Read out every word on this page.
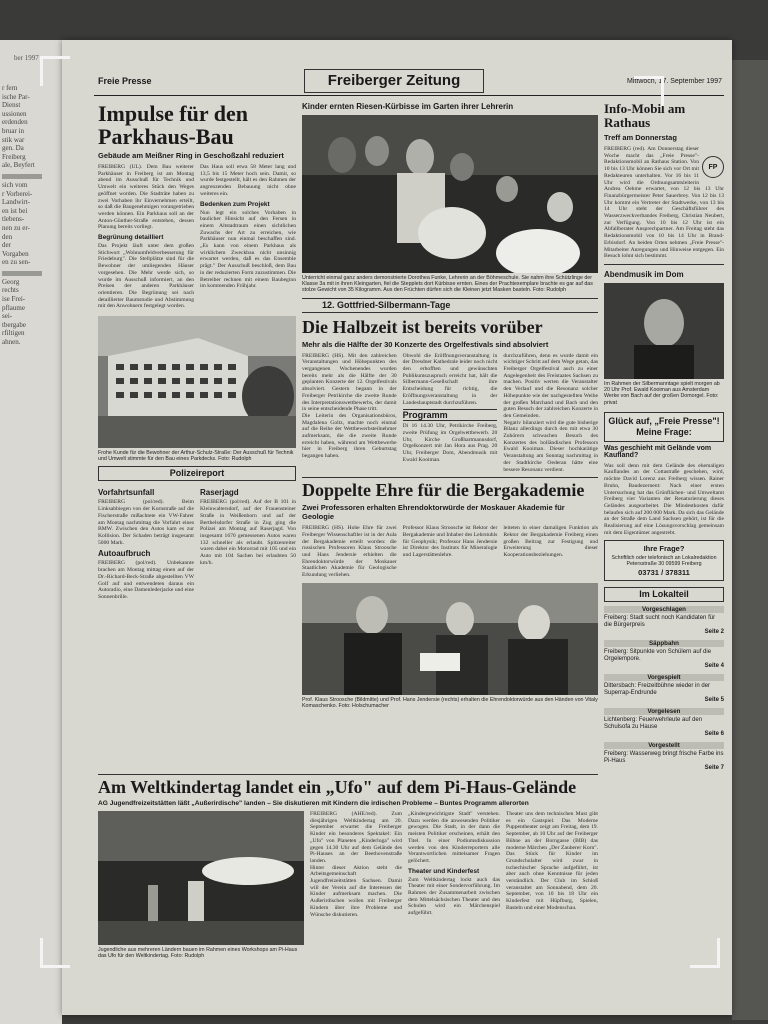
ber 1997
r fern
ische Par-
Dienst
ussionen
erdenden
bruar in
stik war
gen. Da
Freiberg
ale, Beyfert
sich vom
r Vorberei-
Landwirt-
en ist bei
tlebens-
nen zu er-
den
der
Vorgaben
en zu sen-
Georg
rechts
ise Frei-
pflaume
sei-
tbergabe
rfiltigen
ahnen.
Freie Presse	Freiberger Zeitung	Mittwoch, 17. September 1997
Impulse für den Parkhaus-Bau
Gebäude am Meißner Ring in Geschoßzahl reduziert

FREIBERG (UL). Dem Bau weiterer Parkhäuser in Freiberg ist am Montag abend im Ausschuß für Technik und Umwelt ein weiteres Stück den Weges geöffnet worden. Die Stadträte haben zu zwei Vorhaben ihr Einvernehmen erteilt, so daß die Baugenehmigen vorangetrieben werden können. Ein Parkhaus soll an der Anton-Günther-Straße entstehen, dessen Planung bereits vorliegt.

Begrünung detailliert

Das Projekt läuft unter dem großen Stichwort „Wohnumfeldverbesserung für Friedeburg". Die Stellplätze sind für die Bewohner der umliegenden Häuser vorgesehen. Die Mehr werde sich, so wurde im Ausschuß informiert, an den Preisen der anderen Parkhäuser orientieren. Die Begrünung sei nach detaillierter Baumstudie und Abstimmung mit den Anwohnern festgelegt worden.

Das Haus soll etwa 58 Meter lang und 13,5 bis 15 Meter hoch sein. Damit, so wurde festgestellt, hält es den Rahmen der angrenzenden Bebauung nicht ohne weiteres ein.

Bedenken zum Projekt

Nun legt ein solches Vorhaben in baulicher Hinsicht auf den Fersen in einem Altstadtraum einen sichtlichen Zuwachs der Art zu erreichen, wie Parkhäuser nun einmal beschaffen sind. „Es kann von einem Parkhaus als wirklichem Zweckbau nicht unsinnig erwartet werden, daß es das Ensemble prägt." Der Ausschuß beschloß, dem Bau in der reduzierten Form zuzustimmen. Die Betreiber rechnen mit einem Baubeginn im kommenden Frühjahr.

Frohe Kunde für die Bewohner der Arthur-Schulz-Straße: Der Ausschuß für Technik und Umwelt stimmte für den Bau eines Parkdecks. Foto: Rudolph
Polizeireport
Vorfahrtsunfall

FREIBERG (pol/red). Beim Linksabbiegen von der Kornstraße auf die Fischerstraße mißachtete ein VW-Fahrer am Montag nachmittag die Vorfahrt eines BMW. Zwischen den Autos kam es zur Kollision. Der Schaden beträgt insgesamt 5000 Mark.

Autoaufbruch

FREIBERG (pol/red). Unbekannte brachen am Montag mittag einen auf der Dr.-Richard-Beck-Straße abgestellten VW Golf auf und entwendeten daraus ein Autoradio, eine Damenlederjacke und eine Sonnenbrille.

Raserjagd

FREIBERG (pol/red). Auf der B 101 in Kleinwaltersdorf, auf der Frauensteiner Straße in Weißenborn und auf der Berthelsdorfer Straße in Zug ging die Polizei am Montag auf Raserjagd. Von insgesamt 1670 gemessenen Autos waren 132 schneller als erlaubt. Spitzenreiter waren dabei ein Motorrad mit 105 und ein Auto mit 104 Sachen bei erlaubten 50 km/h.

Kinder ernten Riesen-Kürbisse im Garten ihrer Lehrerin
Unterricht einmal ganz anders demonstrierte Dorothea Funke, Lehrerin an der Böhmeschule. Sie nahm ihre Schützlinge der Klasse 3a mit in ihren Kleingarten, fiel die Stepplets dort Kürbisse ernten. Eines der Prachtexemplare brachte es gar auf das stolze Gewicht von 35 Kilogramm. Aus den Früchten dürfen sich die Kleinen jetzt Masken basteln. Foto: Rudolph
12. Gottfried-Silbermann-Tage
Die Halbzeit ist bereits vorüber
Mehr als die Hälfte der 30 Konzerte des Orgelfestivals sind absolviert

FREIBERG (HS). Mit den zahlreichen Veranstaltungen und Höhepunkten des vergangenen Wochenendes wurden bereits mehr als die Hälfte der 30 geplanten Konzerte der 12. Orgelfestivals absolviert. Gestern begann in der Freiberger Petrikirche die zweite Runde des Interpretationswettbewerbs, der damit in seine entscheidende Phase tritt.

Die Leiterin des Organisationsbüros, Magdalena Goltz, machte noch einmal auf die Reihe der Wettbewerbsteilnehmer aufmerksam, die die zweite Runde erreicht haben, während am Wettbewerbe hier in Freiberg ihren Geburtstag begangen haben.

Obwohl die Eröffnungsveranstaltung in der Dresdner Kathedrale leider noch nicht den erhofften und gewünschten Publikumszuspruch erreicht hat, hält die Silbermann-Gesellschaft ihre Entscheidung für richtig, die Eröffnungsveranstaltung in der Landeshauptstadt durchzuführen.

Programm

Di 16 14.30 Uhr, Petrikirche Freiberg, zweite Prüfung im Orgelwettbewerb. 20 Uhr, Kirche Großhartmannsdorf, Orgelkonzert mit Jan Hora aus Prag. 20 Uhr, Freiberger Dom, Abendmusik mit Ewald Kooiman.

durchzuführen, denn es wurde damit ein wichtiger Schritt auf dem Wege getan, das Freiberger Orgelfestival auch zu einer Angelegenheit des Freistaates Sachsen zu machen. Positiv werten die Veranstalter den Verlauf und die Resonanz solcher Höhepunkte wie der nachgestellten Weihe der großen Marchand und Bach und den guten Besuch der zahlreichen Konzerte in den Gemeinden.

Negativ bilanziert wird die gute bisherige Bilanz allerdings durch den mit etwa 30 Zuhörern schwachen Besuch des Konzertes des holländischen Professors Ewald Kooiman. Dieser hochkarätige Veranstaltung am Sonntag nachmittag in der Stadtkirche Oederan hätte eine bessere Resonanz verdient.

Doppelte Ehre für die Bergakademie
Zwei Professoren erhalten Ehrendoktorwürde der Moskauer Akademie für Geologie

FREIBERG (HS). Hohe Ehre für zwei Freiberger Wissenschaftler ist in der Aula der Bergakademie erteilt worden: die russischen Professoren Klaus Stroosche und Hans Jendersie erhielten die Ehrendoktorwürde der Moskauer Staatlichen Akademie für Geologische Erkundung verliehen.

Professor Klaus Stroosche ist Rektor der Bergakademie und Inhaber des Lehrstuhls für Geophysik; Professor Hans Jendersie ist Direktor des Instituts für Mineralogie und Lagerstättenlehre.

leiteten in einer damaligen Funktion als Rektor der Bergakademie Freiberg einen großen Beitrag zur Festigung und Erweiterung dieser Kooperationsbeziehungen.

Prof. Klaus Stroosche (Bildmitte) und Prof. Hans Jendersie (rechts) erhalten die Ehrendoktorwürde aus den Händen von Vitaly Komaschenko. Foto: Holschumacher
Info-Mobil am Rathaus
Treff am Donnerstag
FP

FREIBERG (red). Am Donnerstag dieser Woche macht das „Freie Presse"-Redaktionsmobil an Rathaus Station. Von 10 bis 13 Uhr können Sie sich vor Ort mit Redakteuren unterhalten. Vor 16 bis 11 Uhr wird die Ordnungsamtsleiterin Andrea Oehme erwartet, von 12 bis 13 Uhr Finanzbürgermeister Peter Sauerbrey. Von 12 bis 13 Uhr kommt ein Vertreter der Stadtwerke, von 13 bis 14 Uhr steht der Geschäftsführer des Wasserzweckverbandes Freiberg, Christian Neubert, zur Verfügung. Von 10 bis 12 Uhr ist ein Abfallberater Ansprechpartner. Am Freitag steht das Redaktionsmobil von 10 bis 14 Uhr in Brand-Erbisdorf. An beiden Orten nehmen „Freie Presse"-Mitarbeiter Anregungen und Hinweise entgegen. Ein Besuch lohnt sich bestimmt.

Abendmusik im Dom
Im Rahmen der Silbermanntage spielt morgen ab 20 Uhr Prof. Ewald Kooiman aus Amsterdam Werke von Bach auf der großen Domorgel. Foto: privat
Glück auf, „Freie Presse"! Meine Frage:
Was geschieht mit Gelände vom Kaufland?

Was soll denn mit dem Gelände des ehemaligen Kauflandes an der Cottastraße geschehen, wird, möchte David Lorenz aus Freiberg wissen. Rainer Bruhn, Baudezernent: Nach einer ersten Untersuchung hat das Grünflächen- und Umweltamt Freiberg vier Varianten der Renaturierung dieses Geländes ausgearbeitet. Die Mindestkosten dafür belaufen sich auf 200 000 Mark. Da sich das Gelände an der Straße dem Land Sachsen gehört, ist für die Realisierung auf eine Lösungsvorschlag gemeinsam mit dem Eigentümer angestrebt.

Ihre Frage?

Schriftlich oder telefonisch an Lokalredaktion Petersstraße 30 09599 Freiberg

03731 / 378311
Im Lokalteil
Vorgeschlagen
Freiberg: Stadt sucht noch Kandidaten für die Bürgerpreis
Seite 2
Säppbahn
Freiberg: Sitpunkte von Schülern auf die Orgelempore.
Seite 4
Vorgespielt
Dittersbach: Freizeitbühne wieder in der Superrap-Endrunde
Seite 5
Vorgelesen
Lichtenberg: Feuerwehrleute auf den Schulsofa zu Hause
Seite 6
Vorgestellt
Freiberg: Wasserweg bringt frische Farbe ins Pi-Haus
Seite 7
Am Weltkindertag landet ein „Ufo" auf dem Pi-Haus-Gelände
AG Jugendfreizeitstätten läßt „Außerirdische" landen – Sie diskutieren mit Kindern die irdischen Probleme – Buntes Programm allerorten
Jugendliche aus mehreren Ländern bauen im Rahmen eines Workshops am Pi-Haus das Ufo für den Weltkindertag. Foto: Rudolph

FREIBERG (AHE/red). Zum diesjährigen Weltkindertag am 20. September erwartet die Freiberger Kinder ein besonderes Spektakel: Ein „Ufo" von Planeten „Kinderloga" wird gegen 14.30 Uhr auf dem Gelände des Pi-Hauses an der Beethovenstraße landen.

Hinter dieser Aktion steht die Arbeitsgemeinschaft Jugendfreizeitstätten Sachsen. Damit will der Verein auf die Interessen der Kinder aufmerksam machen. Die Außerirdischen wollen mit Freiberger Kindern über ihre Probleme und Wünsche diskutieren.

„Kindergewichtigste Stadt" verstehen. Dazu werden die anwesenden Politiker gewogen. Die Stadt, in der dann die meisten Politiker erscheinen, erhält den Titel. In einer Podiumsdiskussion werden von den Kinderreportern alle Verantwortlichen mittelsamer Fragen gelöchert.

Theater und Kinderfest

Zum Weltkindertag lockt auch das Theater mit einer Sondervorführung. Im Rahmen der Zusammenarbeit zwischen dem Mittelsächsischen Theater und den Schulen wird ein Märchenspiel aufgeführt.

Theater uns dem technischen Must gibt es ein Gastspiel. Das Moderne Puppentheater zeigt am Freitag, dem 19. September, ab 10 Uhr auf der Freiberger Bühne an der Borngasse (BIB) das moderne Märchen „Der Zauberer Korn". Das Stück für Kinder im Grundschulalter wird zwar in tschechischer Sprache aufgeführt, ist aber auch ohne Kenntnisse für jeden verständlich. Der Club im Schloß veranstaltet am Sonnabend, dem 20. September, von 10 bis 18 Uhr ein Kinderfest mit Hüpfburg, Spielen, Basteln und einer Modenschau.
